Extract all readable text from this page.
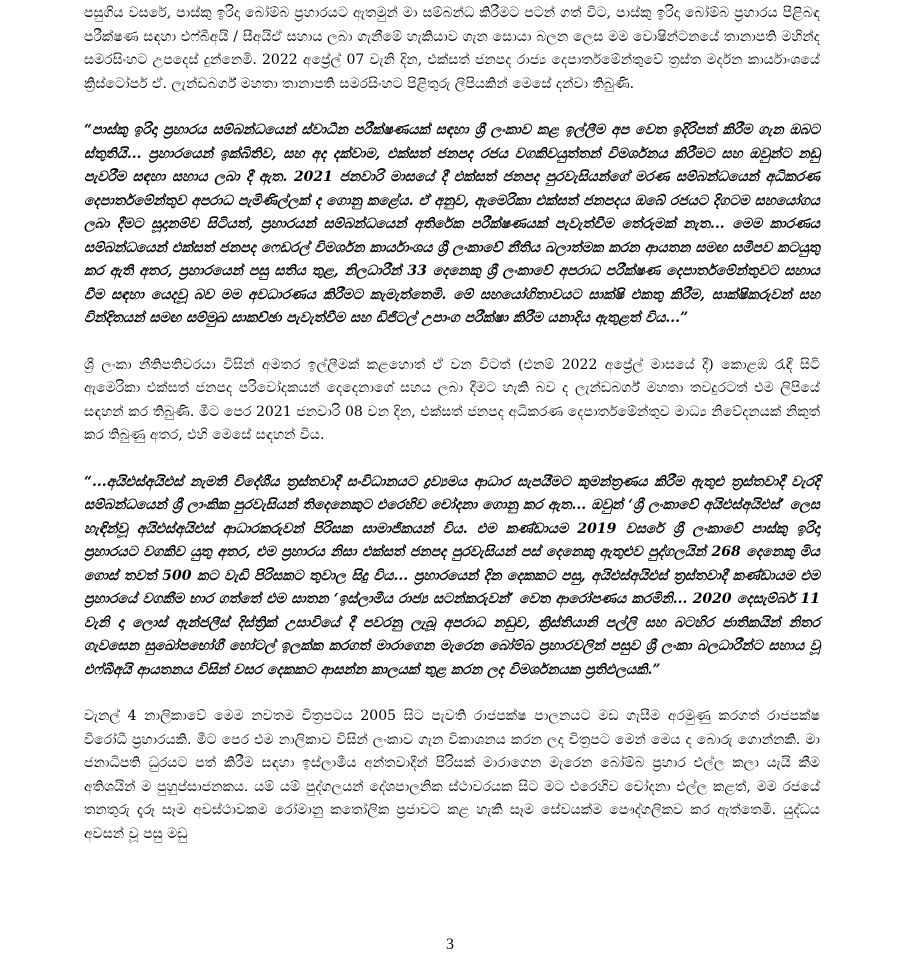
පසුගිය වසරේ, පාස්කු ඉරිදා බෝම්බ ප්‍රහාරයට ඇතමුන් මා සම්බන්ධ කිරීමට පටන් ගත් විට, පාස්කු ඉරිදා බෝම්බ ප්‍රහාරය පිළිබඳ පරීක්ෂණ සඳහා එෆ්බීඅයි / සීඅයිඒ සහාය ලබා ගැනීමේ හැකියාව ගැන සොයා බලන ලෙස මම වොෂින්ටනයේ තානාපති මහින්ද සමරසිංහට උපදෙස් දුන්නෙමි. 2022 අප්‍රේල් 07 වැනි දින, එක්සත් ජනපද රාජ්‍ය දෙපාර්තමේන්තුවේ ත්‍රස්ත මර්දන කාර්යාංශයේ ක්‍රිස්ටෝපර් ඒ. ලැන්ඩබර්ග් මහතා තානාපති සමරසිංහට පිළිතුරු ලිපියකින් මෙසේ දන්වා තිබුණි.

“පාස්කු ඉරිදා ප්‍රහාරය සම්බන්ධයෙන් ස්වාධීන පරීක්ෂණයක් සඳහා ශ්‍රී ලංකාව කළ ඉල්ලීම අප වෙත ඉදිරිපත් කිරීම ගැන ඔබට ස්තුතියි... ප්‍රහාරයෙන් ඉක්බිතිව, සහ අද දක්වාම, එක්සත් ජනපද රජය වගකිවයුත්තන් විමර්ශනය කිරීමට සහ ඔවුන්ට නඩු පැවරීම සඳහා සහාය ලබා දී ඇත. 2021 ජනවාරි මාසයේ දී එක්සත් ජනපද පුරවැසියන්ගේ මරණ සම්බන්ධයෙන් අධිකරණ දෙපාර්තමේන්තුව අපරාධ පැමිණිල්ලක් ද ගොනු කළේය. ඒ අනුව, ඇමෙරිකා එක්සත් ජනපදය ඔබේ රජයට දිගටම සහයෝගය ලබා දීමට සූදානම්ව සිටියත්, ප්‍රහාරයන් සම්බන්ධයෙන් අතිරේක පරීක්ෂණයක් පැවැත්වීම තේරුමක් නැත... මෙම කාරණය සම්බන්ධයෙන් එක්සත් ජනපද ෆෙඩරල් විමර්ශන කාර්යාංශය ශ්‍රී ලංකාවේ නීතිය බලාත්මක කරන ආයතන සමඟ සමීපව කටයුතු කර ඇති අතර, ප්‍රහාරයෙන් පසු සතිය තුළ, නිලධාරීන් 33 දෙනෙකු ශ්‍රී ලංකාවේ අපරාධ පරීක්ෂණ දෙපාර්තමේන්තුවට සහාය වීම සඳහා යෙදවූ බව මම අවධාරණය කිරීමට කැමැත්තෙමි. මේ සහයෝගිතාවයට සාක්ෂි එකතු කිරීම, සාක්ෂිකරුවන් සහ වින්දිතයන් සමඟ සම්මුඛ සාකච්ඡා පැවැත්වීම සහ ඩිජිටල් උපාංග පරීක්ෂා කිරීම යනාදිය ඇතුළත් විය...”

ශ්‍රී ලංකා නීතිපතිවරයා විසින් අමතර ඉල්ලීමක් කළහොත් ඒ වන විටත් (එනම් 2022 අප්‍රේල් මාසයේ දී) කොළඹ රැඳී සිටි ඇමෙරිකා එක්සත් ජනපද පරිවෝදකයන් දෙදෙනාගේ සහය ලබා දීමට හැකි බව ද ලැන්ඩබර්ග් මහතා තවදුරටත් එම ලිපියේ සඳහන් කර තිබුණි. මීට පෙර 2021 ජනවාරි 08 වන දින, එක්සත් ජනපද අධිකරණ දෙපාර්තමේන්තුව මාධ්‍ය නිවේදනයක් නිකුත් කර තිබුණු අතර, එහි මෙසේ සඳහන් විය.

“...අයිඑස්අයිඑස් නැමති විදේශීය ත්‍රස්තවාදී සංවිධානයට ද්‍රව්‍යමය ආධාර සැපයීමට කුමන්ත්‍රණය කිරීම ඇතුළු ත්‍රස්තවාදී වැරදි සම්බන්ධයෙන් ශ්‍රී ලාංකික පුරවැසියන් තිදෙනෙකුට එරෙහිව චෝදනා ගොනු කර ඇත... ඔවුන් ‘ශ්‍රී ලංකාවේ අයිඑස්අයිඑස්’ ලෙස හැඳින්වූ අයිඑස්අයිඑස් ආධාරකරුවන් පිරිසක සාමාජිකයන් විය. එම කණ්ඩායම 2019 වසරේ ශ්‍රී ලංකාවේ පාස්කු ඉරිදා ප්‍රහාරයට වගකිව යුතු අතර, එම ප්‍රහාරය නිසා එක්සත් ජනපද පුරවැසියන් පස් දෙනෙකු ඇතුළුව පුද්ගලයින් 268 දෙනෙකු මිය ගොස් තවත් 500 කට වැඩි පිරිසකට තුවාල සිදු විය... ප්‍රහාරයෙන් දින දෙකකට පසු, අයිඑස්අයිඑස් ත්‍රස්තවාදී කණ්ඩායම එම ප්‍රහාරයේ වගකීම භාර ගත්තේ එම සාතන ‘ඉස්ලාමීය රාජ්‍ය සටන්කරුවන්’ වෙත ආරෝපණය කරමිනි... 2020 දෙසැම්බර් 11 වැනි දා ලොස් ඇන්ජලීස් දිස්ත්‍රික් උසාවියේ දී පවරනු ලැබූ අපරාධ නඩුව, ක්‍රිස්තියානි පල්ලි සහ බටහිර ජාතිකයින් නිතර ගැවසෙන සුඛෝපභෝගී හෝටල් ඉලක්ක කරගත් මාරාගෙන මැරෙන බෝම්බ ප්‍රහාරවලින් පසුව ශ්‍රී ලංකා බලධාරීන්ට සහාය වූ එෆ්බීඅයි ආයතනය විසින් වසර දෙකකට ආසන්න කාලයක් තුළ කරන ලද විමර්ශනයක ප්‍රතිඵලයකි.”

වැනල් 4 නාලිකාවේ මෙම නවතම චිත්‍රපටය 2005 සිට පැවති රාජපක්ෂ පාලනයට මඩ ගැසීම අරමුණු කරගත් රාජපක්ෂ විරෝධී ප්‍රහාරයකි. මීට පෙර එම නාලිකාව විසින් ලංකාව ගැන විකාශනය කරන ලද චිත්‍රපට මෙන් මෙය ද බොරු ගොන්නකි. මා ජනාධිපති ධුරයට පත් කිරීම සඳහා ඉස්ලාමීය අන්තවාදීන් පිරිසක් මාරාගෙන මැරෙන බෝම්බ ප්‍රහාර එල්ල කලා යැයි කීම අතිශයින් ම පුහුප්සාජනකය. යම් යම් පුද්ගලයන් දේශපාලනික ස්ථාවරයක සිට මට එරෙහිව චෝදනා එල්ල කළත්, මම රජයේ තනතුරු දැරූ සෑම අවස්ථාවකම රෝමානු කතෝලික ප්‍රජාවට කළ හැකි සෑම සේවයක්ම පෞද්ගලිකව කර ඇත්තෙමි. යුද්ධය අවසන් වූ පසු මඩු

3
